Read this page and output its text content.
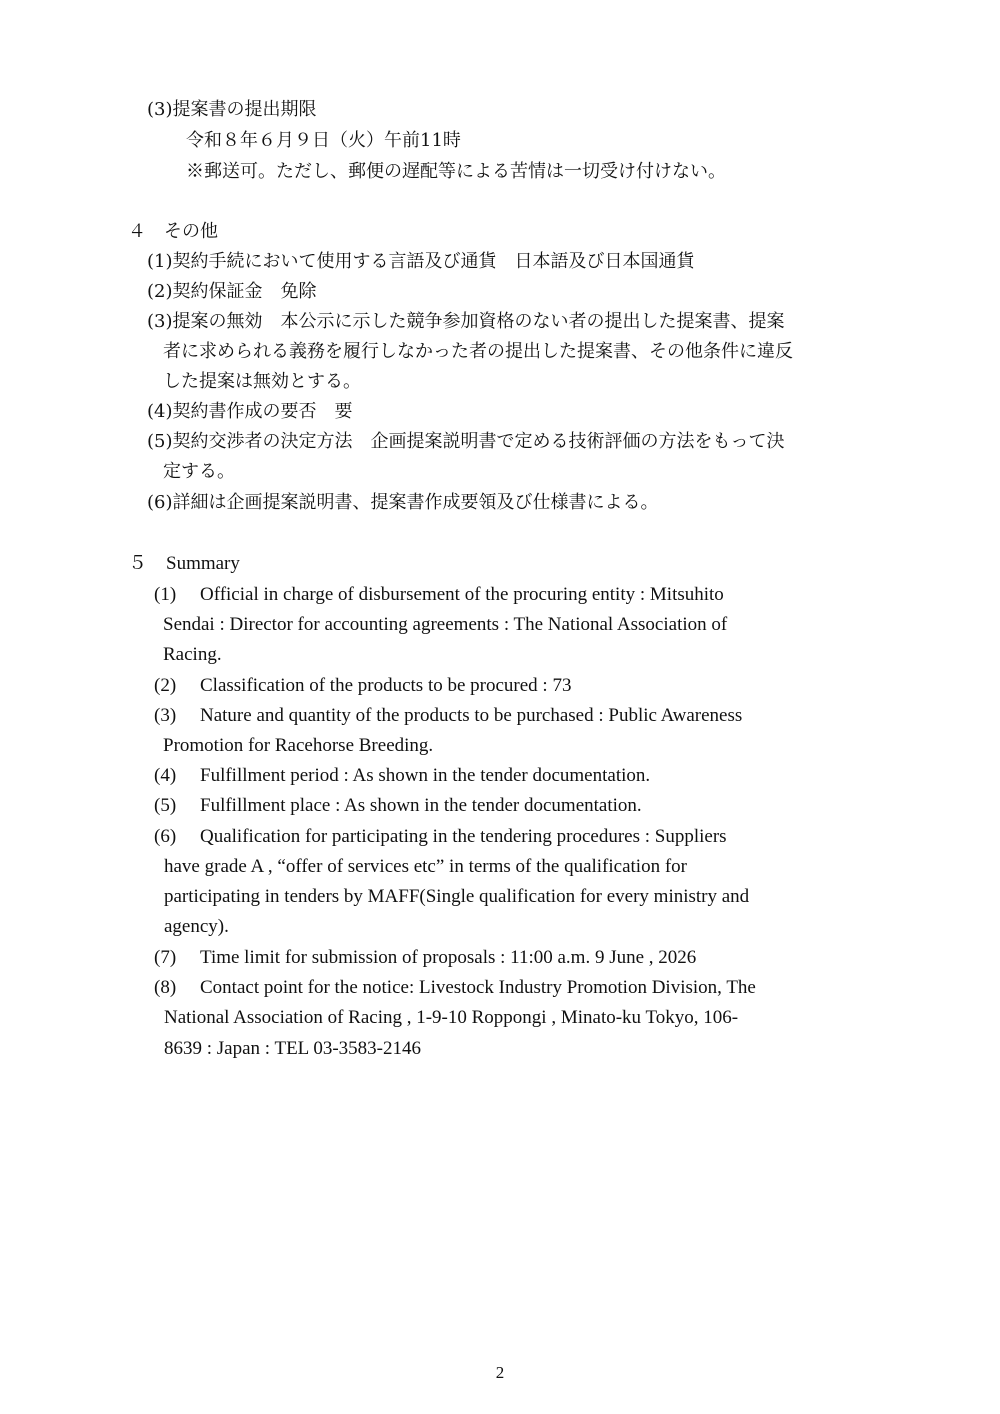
(3)提案書の提出期限

令和８年６月９日（火）午前11時

※郵送可。ただし、郵便の遅配等による苦情は一切受け付けない。

４　その他

(1)契約手続において使用する言語及び通貨　日本語及び日本国通貨

(2)契約保証金　免除

(3)提案の無効　本公示に示した競争参加資格のない者の提出した提案書、提案

者に求められる義務を履行しなかった者の提出した提案書、その他条件に違反

した提案は無効とする。

(4)契約書作成の要否　要

(5)契約交渉者の決定方法　企画提案説明書で定める技術評価の方法をもって決

定する。

(6)詳細は企画提案説明書、提案書作成要領及び仕様書による。

５　Summary

(1) Official in charge of disbursement of the procuring entity : Mitsuhito

Sendai : Director for accounting agreements : The National Association of

Racing.

(2) Classification of the products to be procured : 73

(3) Nature and quantity of the products to be purchased : Public Awareness

Promotion for Racehorse Breeding.

(4) Fulfillment period : As shown in the tender documentation.

(5) Fulfillment place : As shown in the tender documentation.

(6) Qualification for participating in the tendering procedures : Suppliers

have grade A , “offer of services etc” in terms of the qualification for

participating in tenders by MAFF(Single qualification for every ministry and

agency).

(7) Time limit for submission of proposals : 11:00 a.m. 9 June , 2026

(8) Contact point for the notice: Livestock Industry Promotion Division, The

National Association of Racing , 1-9-10 Roppongi , Minato-ku Tokyo, 106-

8639 : Japan : TEL 03-3583-2146

2
